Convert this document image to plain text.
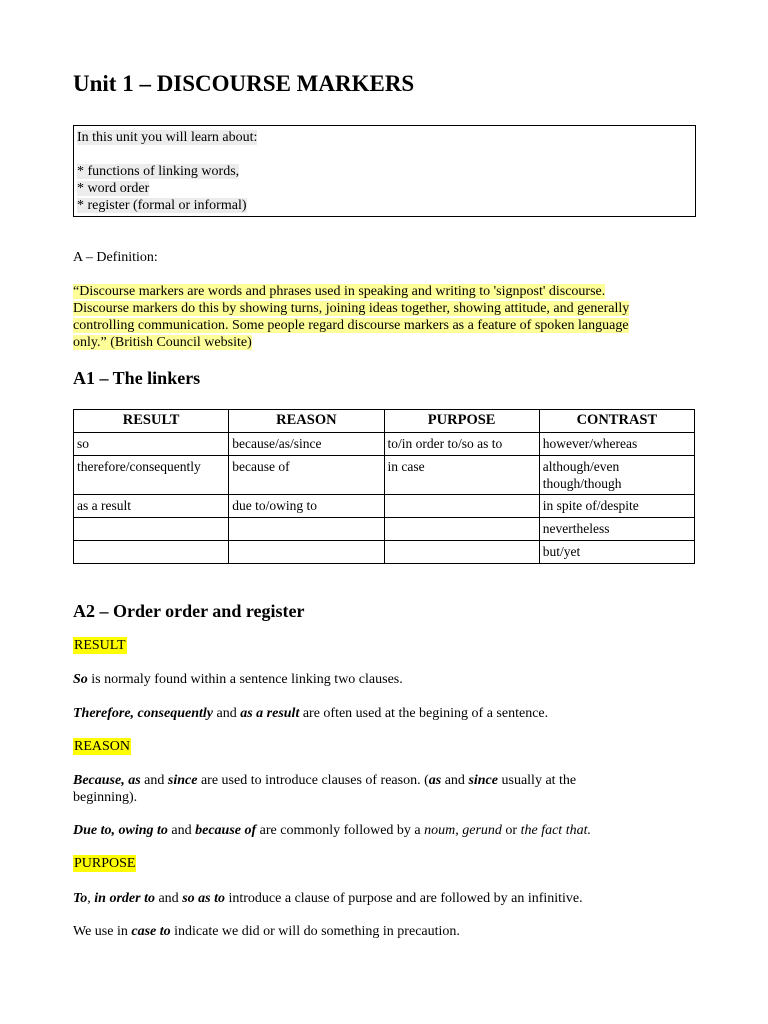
Unit 1 – DISCOURSE MARKERS
In this unit you will learn about:
* functions of linking words,
* word order
* register (formal or informal)
A – Definition:
“Discourse markers are words and phrases used in speaking and writing to 'signpost' discourse.
Discourse markers do this by showing turns, joining ideas together, showing attitude, and generally
controlling communication. Some people regard discourse markers as a feature of spoken language
only.” (British Council website)
A1 – The linkers
RESULT	REASON	PURPOSE	CONTRAST
so	because/as/since	to/in order to/so as to	however/whereas
therefore/consequently	because of	in case	although/even though/though
as a result	due to/owing to		in spite of/despite
			nevertheless
			but/yet
A2 – Order order and register
RESULT
So is normaly found within a sentence linking two clauses.
Therefore, consequently and as a result are often used at the begining of a sentence.
REASON
Because, as and since are used to introduce clauses of reason. (as and since usually at the
beginning).
Due to, owing to and because of are commonly followed by a noum, gerund or the fact that.
PURPOSE
To, in order to and so as to introduce a clause of purpose and are followed by an infinitive.
We use in case to indicate we did or will do something in precaution.
